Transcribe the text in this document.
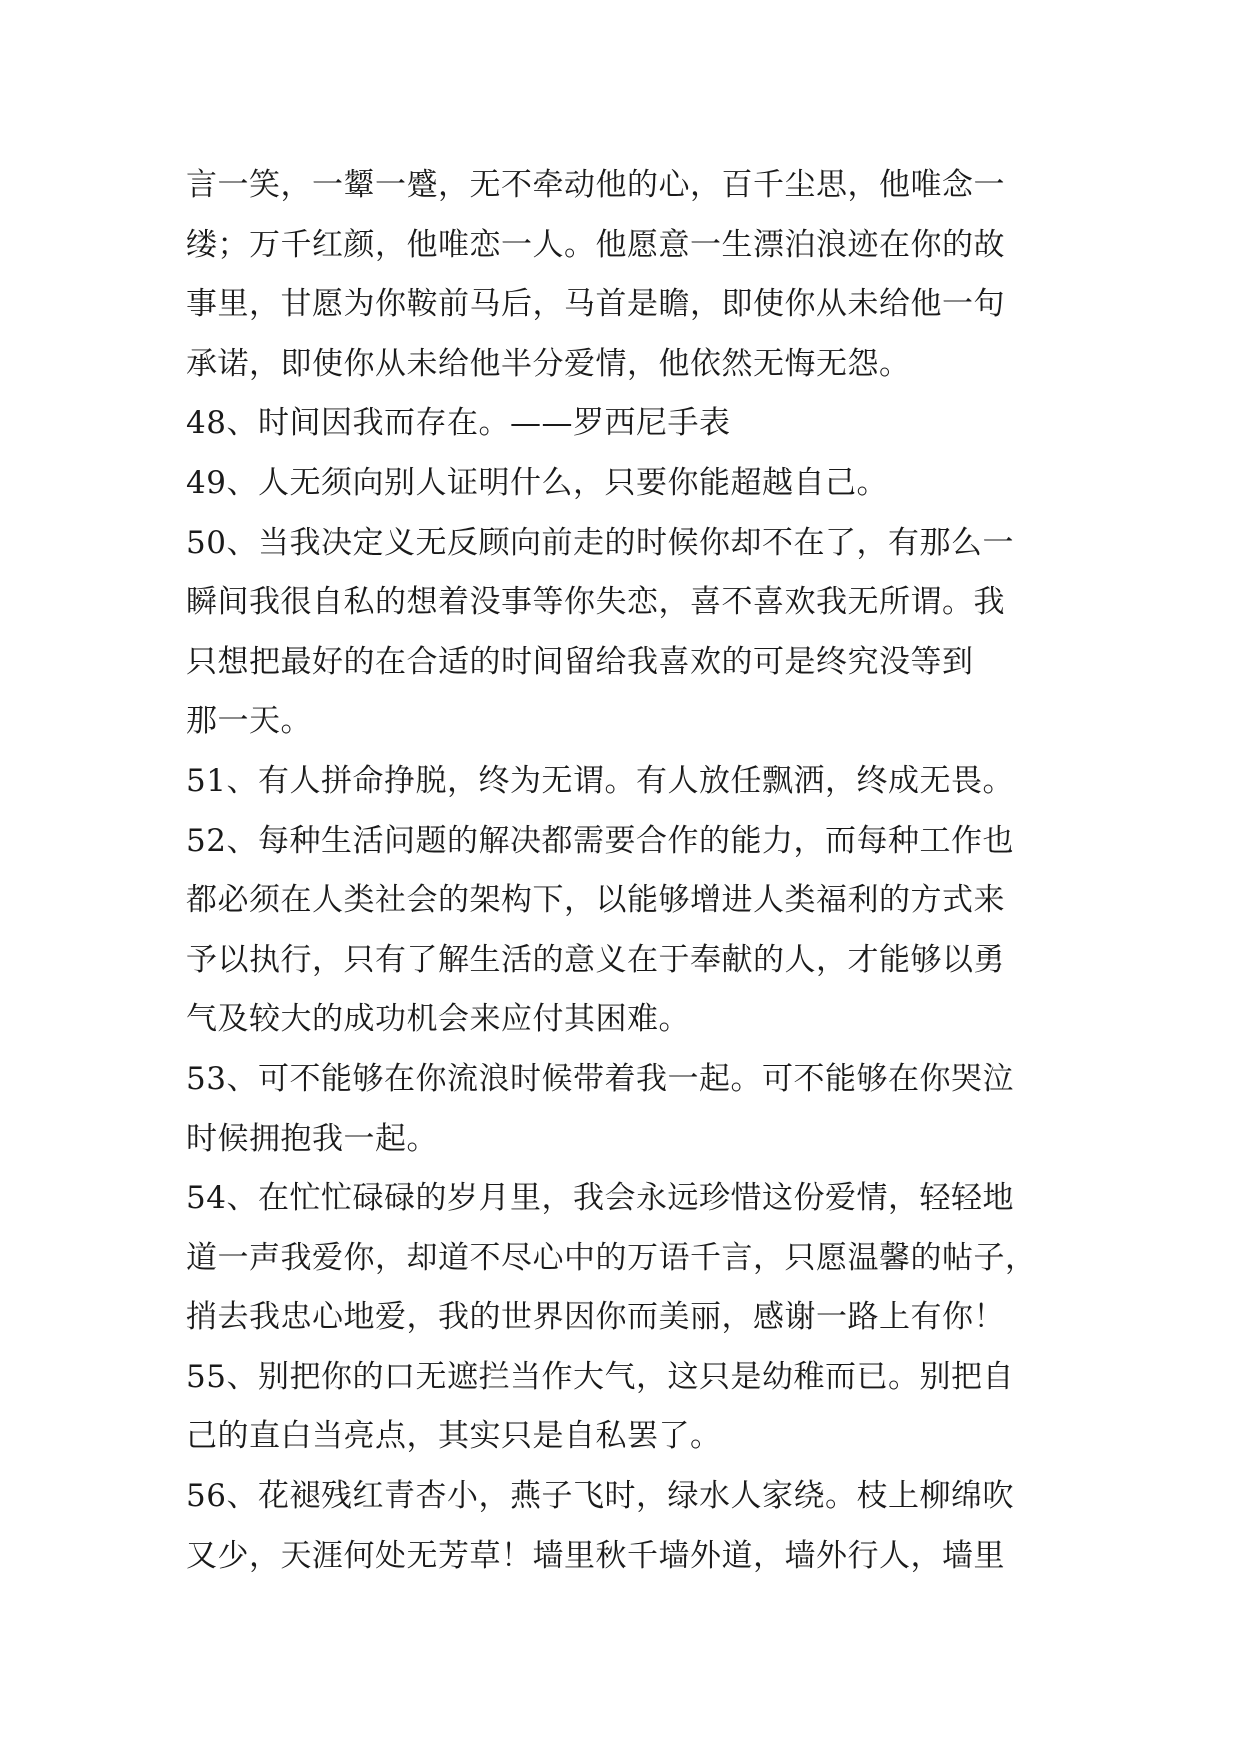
言一笑，一颦一蹙，无不牵动他的心，百千尘思，他唯念一
缕；万千红颜，他唯恋一人。他愿意一生漂泊浪迹在你的故
事里，甘愿为你鞍前马后，马首是瞻，即使你从未给他一句
承诺，即使你从未给他半分爱情，他依然无悔无怨。
48、时间因我而存在。——罗西尼手表
49、人无须向别人证明什么，只要你能超越自己。
50、当我决定义无反顾向前走的时候你却不在了，有那么一
瞬间我很自私的想着没事等你失恋，喜不喜欢我无所谓。我
只想把最好的在合适的时间留给我喜欢的可是终究没等到
那一天。
51、有人拼命挣脱，终为无谓。有人放任飘洒，终成无畏。
52、每种生活问题的解决都需要合作的能力，而每种工作也
都必须在人类社会的架构下，以能够增进人类福利的方式来
予以执行，只有了解生活的意义在于奉献的人，才能够以勇
气及较大的成功机会来应付其困难。
53、可不能够在你流浪时候带着我一起。可不能够在你哭泣
时候拥抱我一起。
54、在忙忙碌碌的岁月里，我会永远珍惜这份爱情，轻轻地
道一声我爱你，却道不尽心中的万语千言，只愿温馨的帖子，
捎去我忠心地爱，我的世界因你而美丽，感谢一路上有你！
55、别把你的口无遮拦当作大气，这只是幼稚而已。别把自
己的直白当亮点，其实只是自私罢了。
56、花褪残红青杏小，燕子飞时，绿水人家绕。枝上柳绵吹
又少，天涯何处无芳草！墙里秋千墙外道，墙外行人，墙里
